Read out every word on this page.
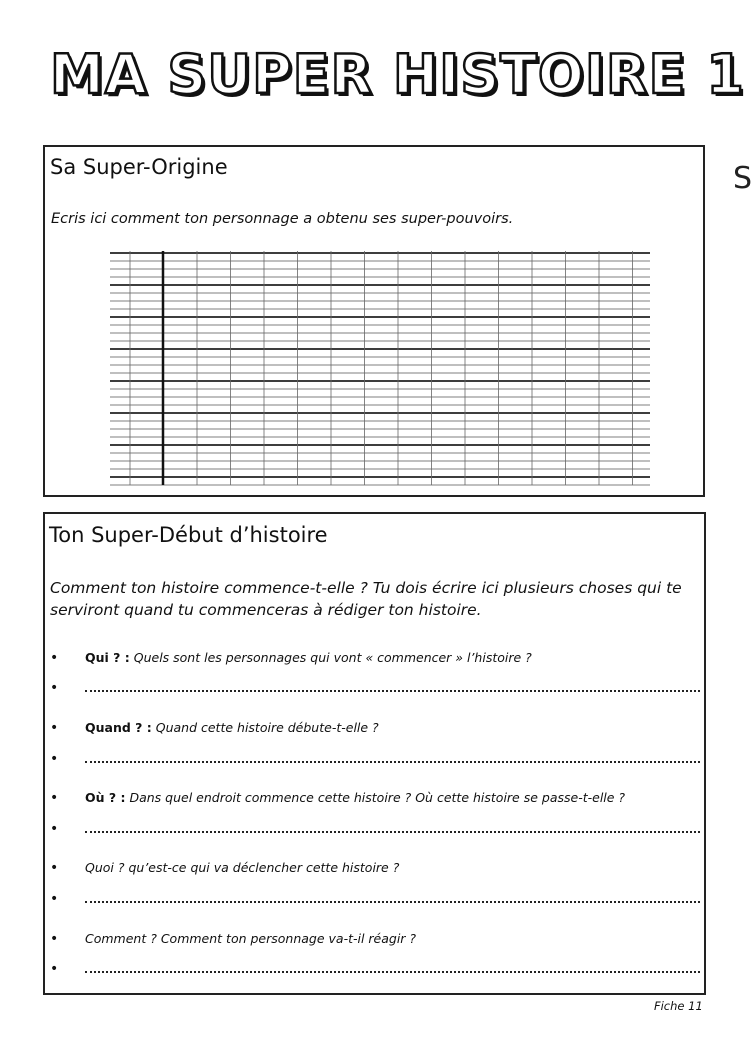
MA SUPER HISTOIRE 1
S
Sa Super-Origine
Ecris ici comment ton personnage a obtenu ses super-pouvoirs.
Ton Super-Début d’histoire
Comment ton histoire commence-t-elle ? Tu dois écrire ici plusieurs choses qui te serviront quand tu commenceras à rédiger ton histoire.
• Qui ? : Quels sont les personnages qui vont « commencer » l’histoire ?
•
• Quand ? : Quand cette histoire débute-t-elle ?
•
• Où ? : Dans quel endroit commence cette histoire ? Où cette histoire se passe-t-elle ?
•
• Quoi ? qu’est-ce qui va déclencher cette histoire ?
•
• Comment ? Comment ton personnage va-t-il réagir ?
•
Fiche 11
